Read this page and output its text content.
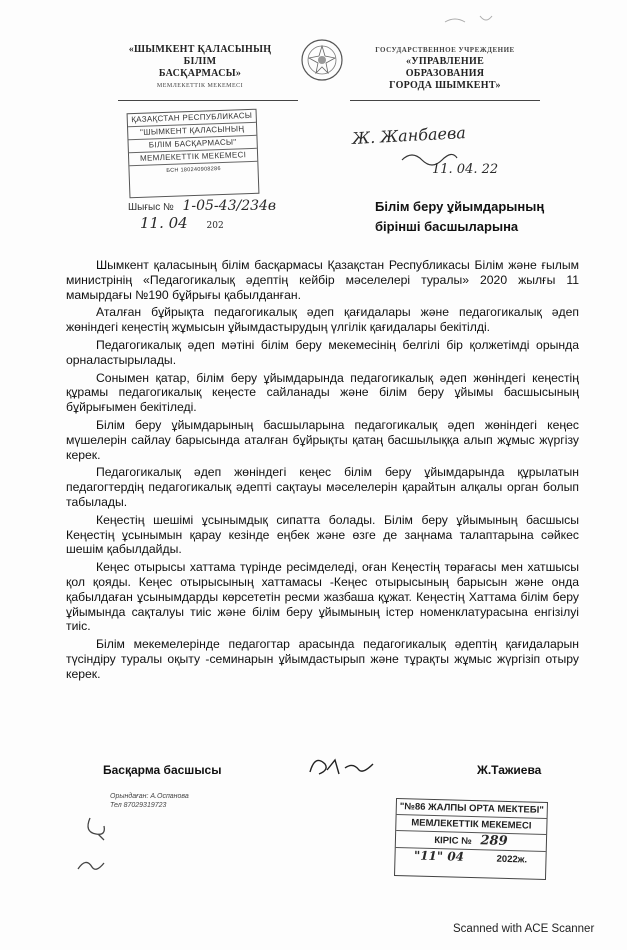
«ШЫМКЕНТ ҚАЛАСЫНЫҢ
БІЛІМ
БАСҚАРМАСЫ»
МЕМЛЕКЕТТІК МЕКЕМЕСІ
ГОСУДАРСТВЕННОЕ УЧРЕЖДЕНИЕ
«УПРАВЛЕНИЕ
ОБРАЗОВАНИЯ
ГОРОДА ШЫМКЕНТ»
ҚАЗАҚСТАН РЕСПУБЛИКАСЫ
"ШЫМКЕНТ ҚАЛАСЫНЫҢ
БІЛІМ БАСҚАРМАСЫ"
МЕМЛЕКЕТТІК МЕКЕМЕСІ
БСН 180240908286
Шығыс № 1-05-43/234в
11. 04 202
Ж. Жанбаева
11. 04. 22
Білім беру ұйымдарының
бірінші басшыларына

Шымкент қаласының білім басқармасы Қазақстан Республикасы Білім және ғылым министрінің «Педагогикалық әдептің кейбір мәселелері туралы» 2020 жылғы 11 мамырдағы №190 бұйрығы қабылданған.

Аталған бұйрықта педагогикалық әдеп қағидалары және педагогикалық әдеп жөніндегі кеңестің жұмысын ұйымдастырудың үлгілік қағидалары бекітілді.

Педагогикалық әдеп мәтіні білім беру мекемесінің белгілі бір қолжетімді орында орналастырылады.

Сонымен қатар, білім беру ұйымдарында педагогикалық әдеп жөніндегі кеңестің құрамы педагогикалық кеңесте сайланады және білім беру ұйымы басшысының бұйрығымен бекітіледі.

Білім беру ұйымдарының басшыларына педагогикалық әдеп жөніндегі кеңес мүшелерін сайлау барысында аталған бұйрықты қатаң басшылыққа алып жұмыс жүргізу керек.

Педагогикалық әдеп жөніндегі кеңес білім беру ұйымдарында құрылатын педагогтердің педагогикалық әдепті сақтауы мәселелерін қарайтын алқалы орган болып табылады.

Кеңестің шешімі ұсынымдық сипатта болады. Білім беру ұйымының басшысы Кеңестің ұсынымын қарау кезінде еңбек және өзге де заңнама талаптарына сәйкес шешім қабылдайды.

Кеңес отырысы хаттама түрінде ресімделеді, оған Кеңестің төрағасы мен хатшысы қол қояды. Кеңес отырысының хаттамасы -Кеңес отырысының барысын және онда қабылдаған ұсынымдарды көрсететін ресми жазбаша құжат. Кеңестің Хаттама білім беру ұйымында сақталуы тиіс және білім беру ұйымының істер номенклатурасына енгізілуі тиіс.

Білім мекемелерінде педагогтар арасында педагогикалық әдептің қағидаларын түсіндіру туралы оқыту -семинарын ұйымдастырып және тұрақты жұмыс жүргізіп отыру керек.

Басқарма басшысы	Ж.Тажиева
Орындаған: А.Оспанова
Тел 87029319723	"№86 ЖАЛПЫ ОРТА МЕКТЕБІ"
МЕМЛЕКЕТТІК МЕКЕМЕСІ
КІРІС № 289
"11" 04	2022ж.
Scanned with ACE Scanner
